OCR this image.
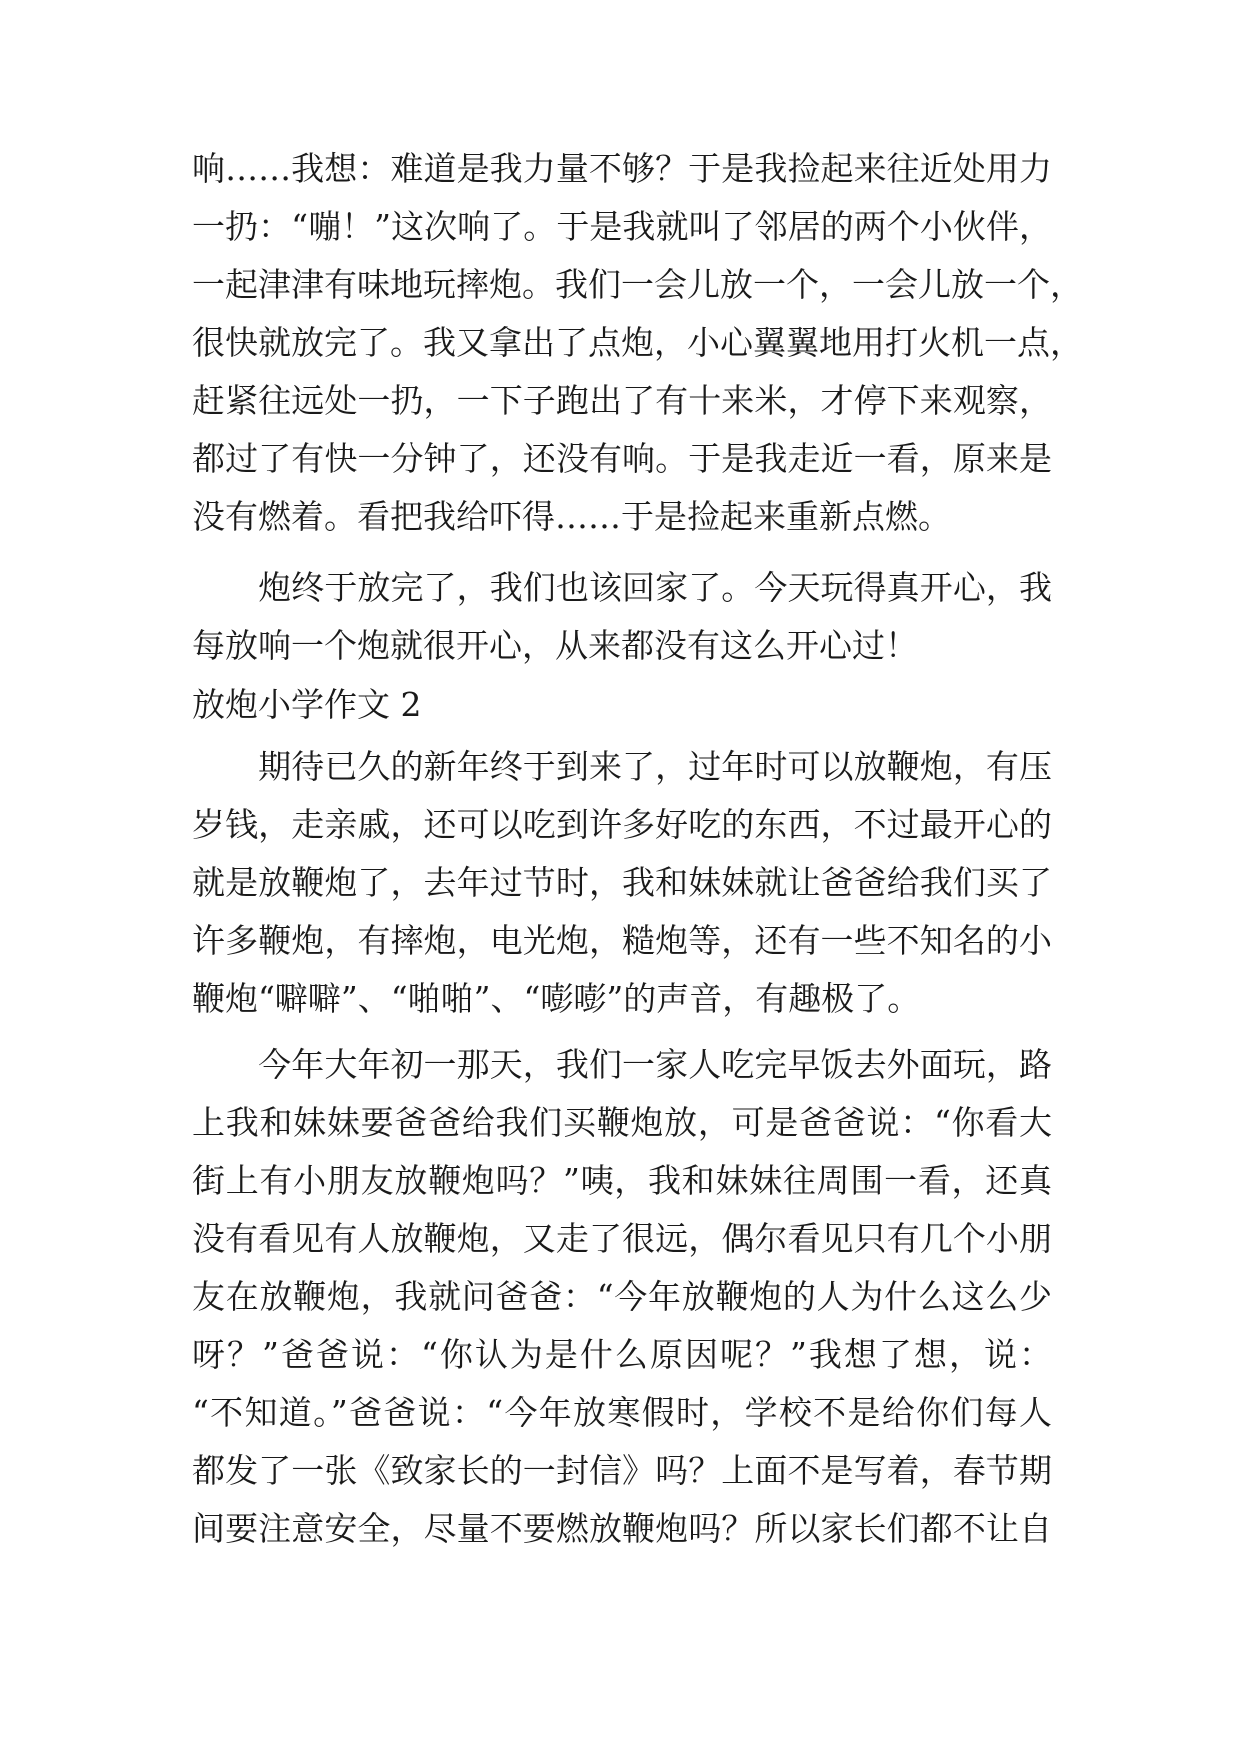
响……我想：难道是我力量不够？于是我捡起来往近处用力
一扔：“嘣！”这次响了。于是我就叫了邻居的两个小伙伴，
一起津津有味地玩摔炮。我们一会儿放一个，一会儿放一个，
很快就放完了。我又拿出了点炮，小心翼翼地用打火机一点，
赶紧往远处一扔，一下子跑出了有十来米，才停下来观察，
都过了有快一分钟了，还没有响。于是我走近一看，原来是
没有燃着。看把我给吓得……于是捡起来重新点燃。
　　炮终于放完了，我们也该回家了。今天玩得真开心，我
每放响一个炮就很开心，从来都没有这么开心过！
放炮小学作文 2
　　期待已久的新年终于到来了，过年时可以放鞭炮，有压
岁钱，走亲戚，还可以吃到许多好吃的东西，不过最开心的
就是放鞭炮了，去年过节时，我和妹妹就让爸爸给我们买了
许多鞭炮，有摔炮，电光炮，糙炮等，还有一些不知名的小
鞭炮“噼噼”、“啪啪”、“嘭嘭”的声音，有趣极了。
　　今年大年初一那天，我们一家人吃完早饭去外面玩，路
上我和妹妹要爸爸给我们买鞭炮放，可是爸爸说：“你看大
街上有小朋友放鞭炮吗？”咦，我和妹妹往周围一看，还真
没有看见有人放鞭炮，又走了很远，偶尔看见只有几个小朋
友在放鞭炮，我就问爸爸：“今年放鞭炮的人为什么这么少
呀？”爸爸说：“你认为是什么原因呢？”我想了想，说：
“不知道。”爸爸说：“今年放寒假时，学校不是给你们每人
都发了一张《致家长的一封信》吗？上面不是写着，春节期
间要注意安全，尽量不要燃放鞭炮吗？所以家长们都不让自
